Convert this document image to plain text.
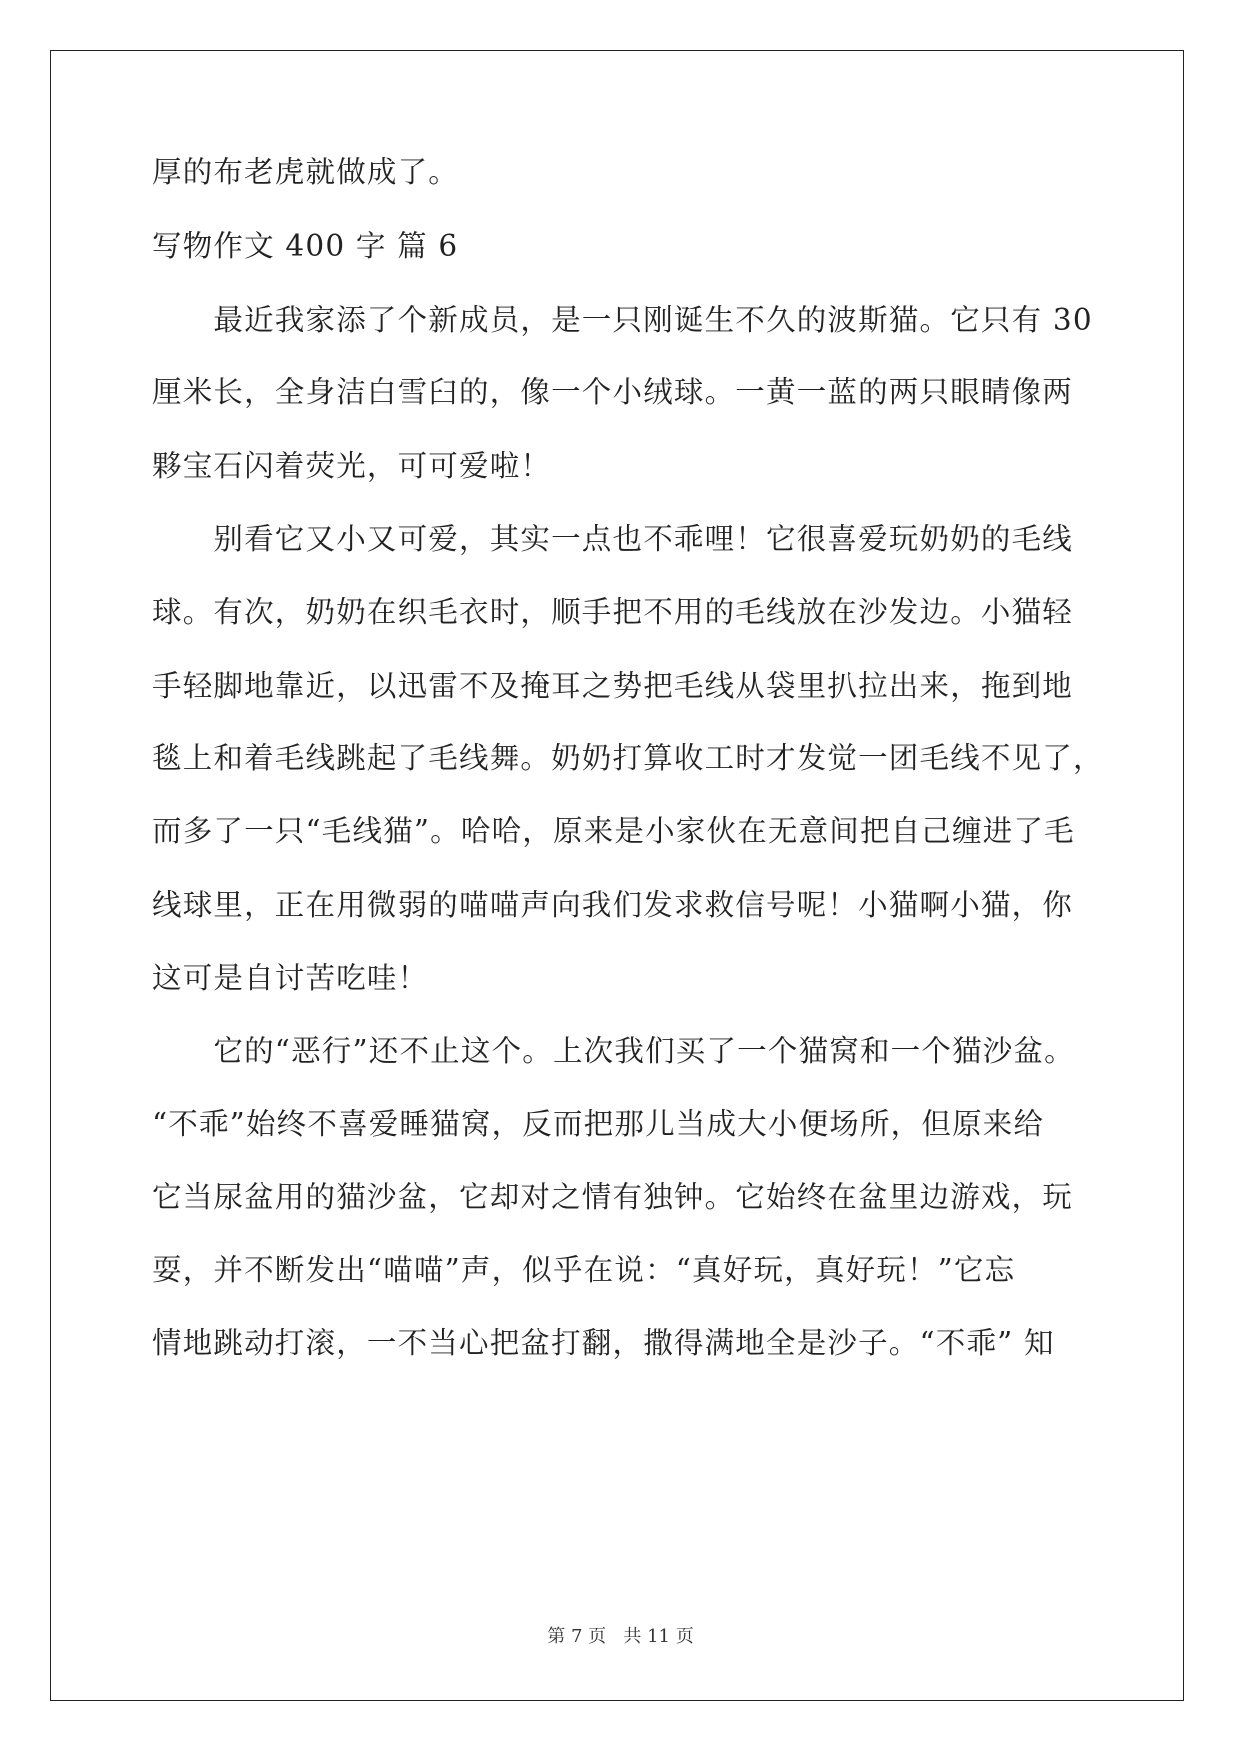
厚的布老虎就做成了。
写物作文 400 字 篇 6
　　最近我家添了个新成员，是一只刚诞生不久的波斯猫。它只有 30
厘米长，全身洁白雪臼的，像一个小绒球。一黄一蓝的两只眼睛像两
夥宝石闪着荧光，可可爱啦！
　　别看它又小又可爱，其实一点也不乖哩！它很喜爱玩奶奶的毛线
球。有次，奶奶在织毛衣时，顺手把不用的毛线放在沙发边。小猫轻
手轻脚地靠近，以迅雷不及掩耳之势把毛线从袋里扒拉出来，拖到地
毯上和着毛线跳起了毛线舞。奶奶打算收工时才发觉一团毛线不见了，
而多了一只“毛线猫”。哈哈，原来是小家伙在无意间把自己缠进了毛
线球里，正在用微弱的喵喵声向我们发求救信号呢！小猫啊小猫，你
这可是自讨苦吃哇！
　　它的“恶行”还不止这个。上次我们买了一个猫窝和一个猫沙盆。
“不乖”始终不喜爱睡猫窝，反而把那儿当成大小便场所，但原来给
它当尿盆用的猫沙盆，它却对之情有独钟。它始终在盆里边游戏，玩
耍，并不断发出“喵喵”声，似乎在说：“真好玩，真好玩！”它忘
情地跳动打滚，一不当心把盆打翻，撒得满地全是沙子。“不乖” 知
第 7 页   共 11 页
